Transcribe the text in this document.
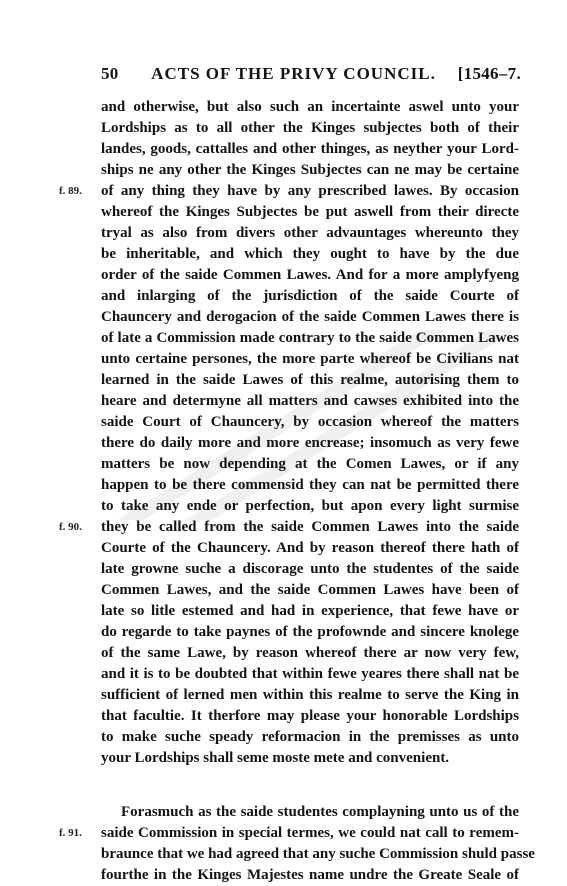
50	ACTS OF THE PRIVY COUNCIL.	[1546–7.
and otherwise, but also such an incertainte aswel unto your
Lordships as to all other the Kinges subjectes both of their
landes, goods, cattalles and other thinges, as neyther your Lord-
ships ne any other the Kinges Subjectes can ne may be certaine
of any thing they have by any prescribed lawes. By occasion
whereof the Kinges Subjectes be put aswell from their directe
tryal as also from divers other advauntages whereunto they
be inheritable, and which they ought to have by the due
order of the saide Commen Lawes. And for a more amplyfyeng
and inlarging of the jurisdiction of the saide Courte of
Chauncery and derogacion of the saide Commen Lawes there is
of late a Commission made contrary to the saide Commen Lawes
unto certaine persones, the more parte whereof be Civilians nat
learned in the saide Lawes of this realme, autorising them to
heare and determyne all matters and cawses exhibited into the
saide Court of Chauncery, by occasion whereof the matters
there do daily more and more encrease; insomuch as very fewe
matters be now depending at the Comen Lawes, or if any
happen to be there commensid they can nat be permitted there
to take any ende or perfection, but apon every light surmise
they be called from the saide Commen Lawes into the saide
Courte of the Chauncery. And by reason thereof there hath of
late growne suche a discorage unto the studentes of the saide
Commen Lawes, and the saide Commen Lawes have been of
late so litle estemed and had in experience, that fewe have or
do regarde to take paynes of the profownde and sincere knolege
of the same Lawe, by reason whereof there ar now very few,
and it is to be doubted that within fewe yeares there shall nat be
sufficient of lerned men within this realme to serve the King in
that facultie. It therfore may please your honorable Lordships
to make suche speady reformacion in the premisses as unto
your Lordships shall seme moste mete and convenient.
Forasmuch as the saide studentes complayning unto us of the
saide Commission in special termes, we could nat call to remem-
braunce that we had agreed that any suche Commission shuld passe
fourthe in the Kinges Majestes name undre the Greate Seale of
f. 89.
f. 90.
f. 91.
